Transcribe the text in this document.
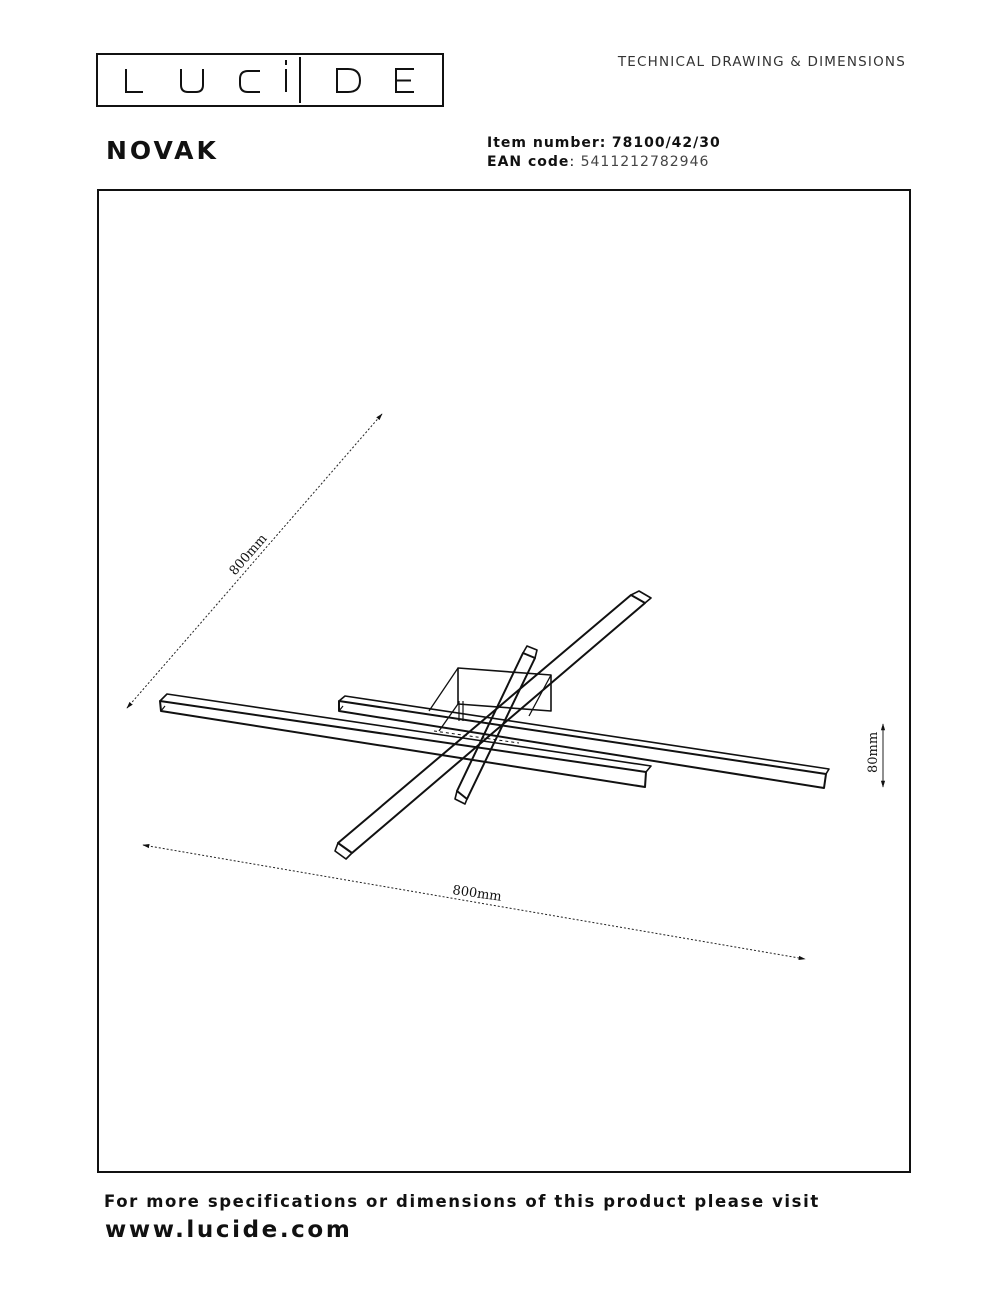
TECHNICAL DRAWING & DIMENSIONS
NOVAK	Item number: 78100/42/30
EAN code: 5411212782946
800mm
800mm
80mm
For more specifications or dimensions of this product please visit
www.lucide.com
